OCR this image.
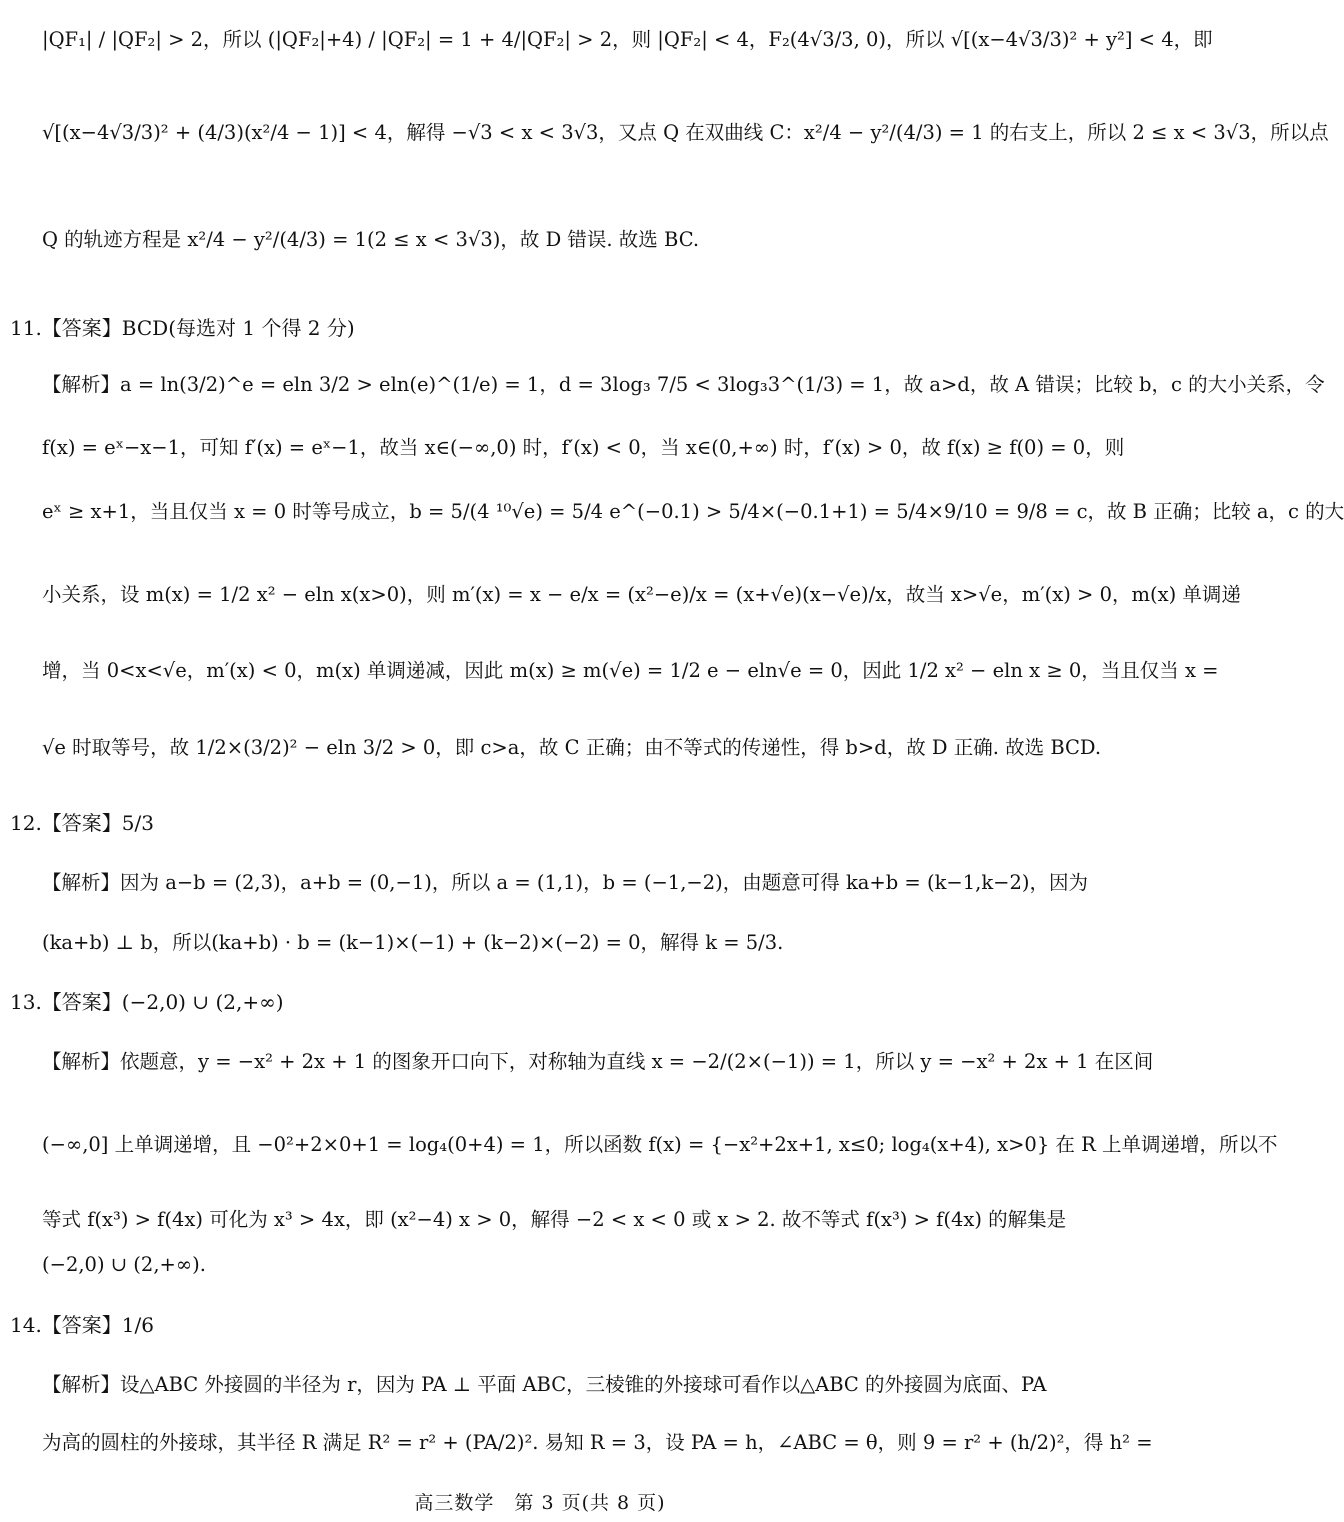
|QF₁| / |QF₂| > 2，所以 (|QF₂|+4) / |QF₂| = 1 + 4/|QF₂| > 2，则 |QF₂| < 4，F₂(4√3/3, 0)，所以 √[(x−4√3/3)² + y²] < 4，即
√[(x−4√3/3)² + (4/3)(x²/4 − 1)] < 4，解得 −√3 < x < 3√3，又点 Q 在双曲线 C：x²/4 − y²/(4/3) = 1 的右支上，所以 2 ≤ x < 3√3，所以点
Q 的轨迹方程是 x²/4 − y²/(4/3) = 1(2 ≤ x < 3√3)，故 D 错误. 故选 BC.
11.【答案】BCD(每选对 1 个得 2 分)
【解析】a = ln(3/2)^e = eln 3/2 > eln(e)^(1/e) = 1，d = 3log₃ 7/5 < 3log₃3^(1/3) = 1，故 a>d，故 A 错误；比较 b，c 的大小关系，令
f(x) = eˣ−x−1，可知 f′(x) = eˣ−1，故当 x∈(−∞,0) 时，f′(x) < 0，当 x∈(0,+∞) 时，f′(x) > 0，故 f(x) ≥ f(0) = 0，则
eˣ ≥ x+1，当且仅当 x = 0 时等号成立，b = 5/(4 ¹⁰√e) = 5/4 e^(−0.1) > 5/4×(−0.1+1) = 5/4×9/10 = 9/8 = c，故 B 正确；比较 a，c 的大
小关系，设 m(x) = 1/2 x² − eln x(x>0)，则 m′(x) = x − e/x = (x²−e)/x = (x+√e)(x−√e)/x，故当 x>√e，m′(x) > 0，m(x) 单调递
增，当 0<x<√e，m′(x) < 0，m(x) 单调递减，因此 m(x) ≥ m(√e) = 1/2 e − eln√e = 0，因此 1/2 x² − eln x ≥ 0，当且仅当 x =
√e 时取等号，故 1/2×(3/2)² − eln 3/2 > 0，即 c>a，故 C 正确；由不等式的传递性，得 b>d，故 D 正确. 故选 BCD.
12.【答案】5/3
【解析】因为 a−b = (2,3)，a+b = (0,−1)，所以 a = (1,1)，b = (−1,−2)，由题意可得 ka+b = (k−1,k−2)，因为
(ka+b) ⊥ b，所以(ka+b) · b = (k−1)×(−1) + (k−2)×(−2) = 0，解得 k = 5/3.
13.【答案】(−2,0) ∪ (2,+∞)
【解析】依题意，y = −x² + 2x + 1 的图象开口向下，对称轴为直线 x = −2/(2×(−1)) = 1，所以 y = −x² + 2x + 1 在区间
(−∞,0] 上单调递增，且 −0²+2×0+1 = log₄(0+4) = 1，所以函数 f(x) = {−x²+2x+1, x≤0; log₄(x+4), x>0} 在 R 上单调递增，所以不
等式 f(x³) > f(4x) 可化为 x³ > 4x，即 (x²−4) x > 0，解得 −2 < x < 0 或 x > 2. 故不等式 f(x³) > f(4x) 的解集是
(−2,0) ∪ (2,+∞).
14.【答案】1/6
【解析】设△ABC 外接圆的半径为 r，因为 PA ⊥ 平面 ABC，三棱锥的外接球可看作以△ABC 的外接圆为底面、PA
为高的圆柱的外接球，其半径 R 满足 R² = r² + (PA/2)². 易知 R = 3，设 PA = h，∠ABC = θ，则 9 = r² + (h/2)²，得 h² =
高三数学　第 3 页(共 8 页)
